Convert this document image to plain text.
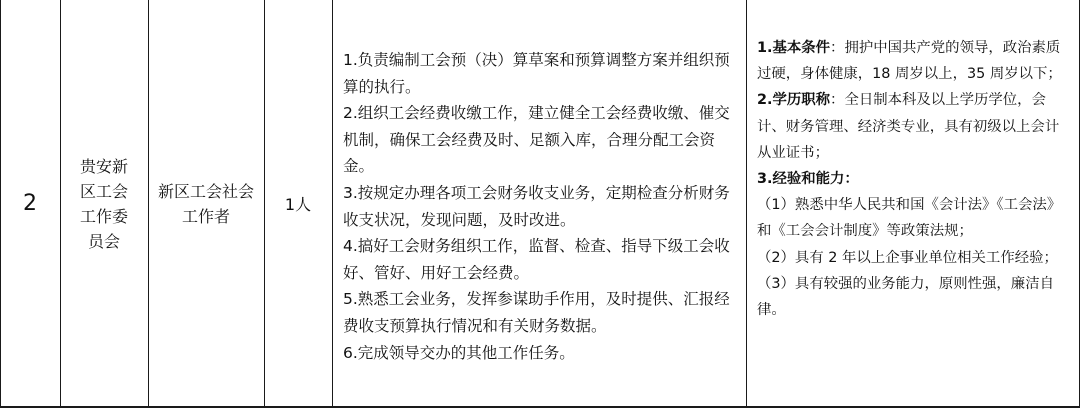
2
贵安新区工会工作委员会
新区工会社会工作者
1人

1.负责编制工会预（决）算草案和预算调整方案并组织预算的执行。

2.组织工会经费收缴工作，建立健全工会经费收缴、催交机制，确保工会经费及时、足额入库，合理分配工会资金。

3.按规定办理各项工会财务收支业务，定期检查分析财务收支状况，发现问题，及时改进。

4.搞好工会财务组织工作，监督、检查、指导下级工会收好、管好、用好工会经费。

5.熟悉工会业务，发挥参谋助手作用，及时提供、汇报经费收支预算执行情况和有关财务数据。

6.完成领导交办的其他工作任务。

1.基本条件：拥护中国共产党的领导，政治素质过硬，身体健康，18 周岁以上，35 周岁以下；

2.学历职称：全日制本科及以上学历学位，会计、财务管理、经济类专业，具有初级以上会计从业证书；

3.经验和能力：

（1）熟悉中华人民共和国《会计法》《工会法》和《工会会计制度》等政策法规；

（2）具有 2 年以上企事业单位相关工作经验；

（3）具有较强的业务能力，原则性强，廉洁自律。
